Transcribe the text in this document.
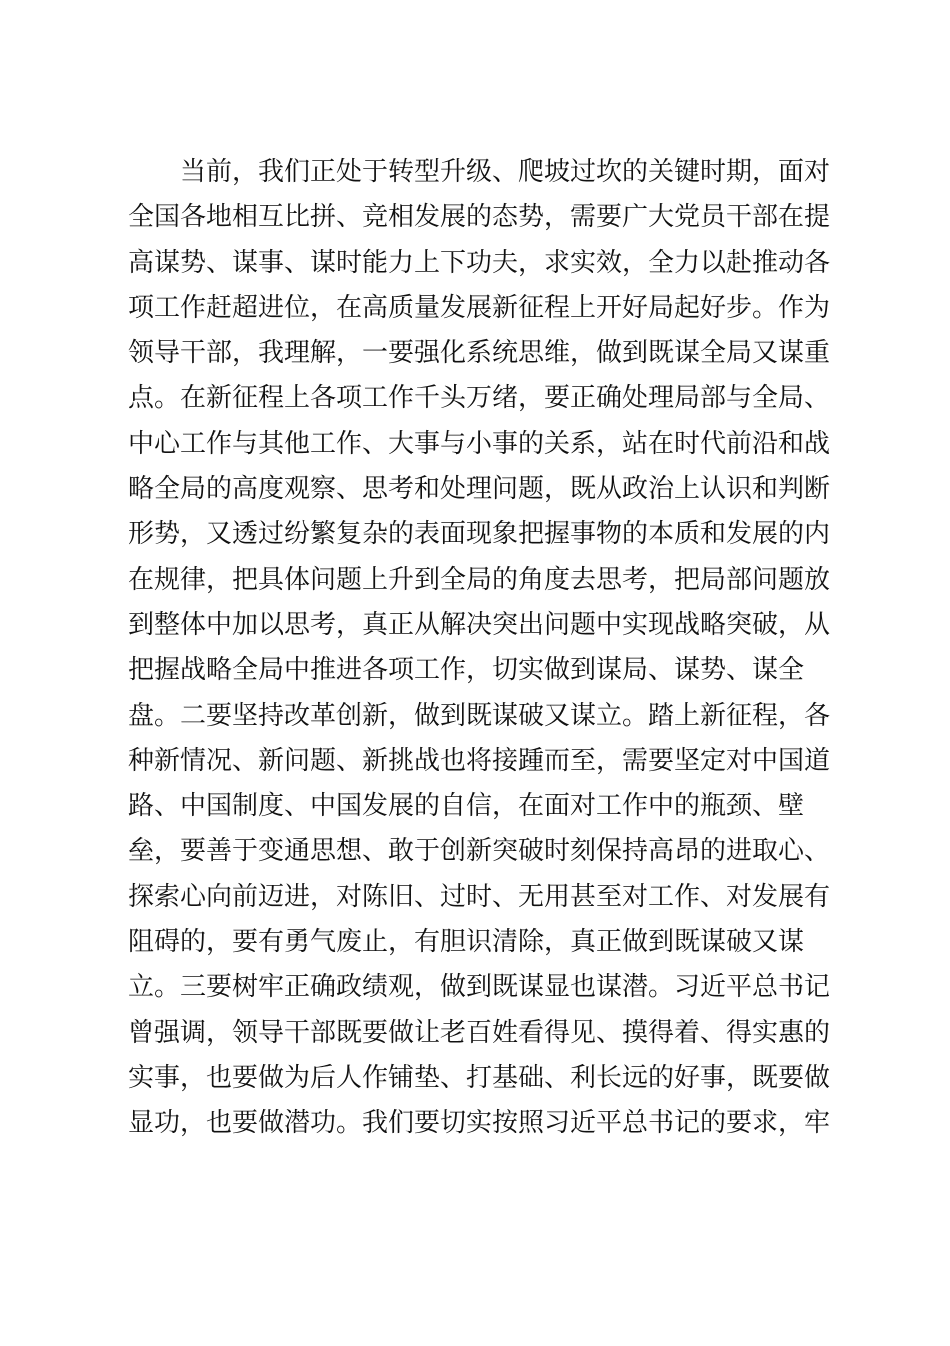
当前，我们正处于转型升级、爬坡过坎的关键时期，面对
全国各地相互比拼、竞相发展的态势，需要广大党员干部在提
高谋势、谋事、谋时能力上下功夫，求实效，全力以赴推动各
项工作赶超进位，在高质量发展新征程上开好局起好步。作为
领导干部，我理解，一要强化系统思维，做到既谋全局又谋重
点。在新征程上各项工作千头万绪，要正确处理局部与全局、
中心工作与其他工作、大事与小事的关系，站在时代前沿和战
略全局的高度观察、思考和处理问题，既从政治上认识和判断
形势，又透过纷繁复杂的表面现象把握事物的本质和发展的内
在规律，把具体问题上升到全局的角度去思考，把局部问题放
到整体中加以思考，真正从解决突出问题中实现战略突破，从
把握战略全局中推进各项工作，切实做到谋局、谋势、谋全
盘。二要坚持改革创新，做到既谋破又谋立。踏上新征程，各
种新情况、新问题、新挑战也将接踵而至，需要坚定对中国道
路、中国制度、中国发展的自信，在面对工作中的瓶颈、壁
垒，要善于变通思想、敢于创新突破时刻保持高昂的进取心、
探索心向前迈进，对陈旧、过时、无用甚至对工作、对发展有
阻碍的，要有勇气废止，有胆识清除，真正做到既谋破又谋
立。三要树牢正确政绩观，做到既谋显也谋潜。习近平总书记
曾强调，领导干部既要做让老百姓看得见、摸得着、得实惠的
实事，也要做为后人作铺垫、打基础、利长远的好事，既要做
显功，也要做潜功。我们要切实按照习近平总书记的要求，牢
